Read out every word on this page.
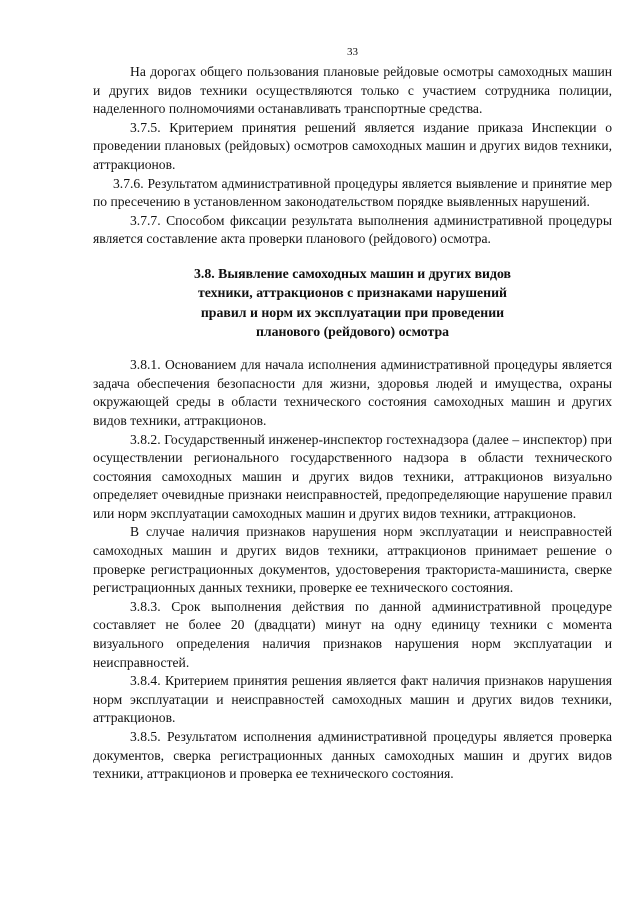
33

На дорогах общего пользования плановые рейдовые осмотры самоходных машин и других видов техники осуществляются только с участием сотрудника полиции, наделенного полномочиями останавливать транспортные средства.

3.7.5. Критерием принятия решений является издание приказа Инспекции о проведении плановых (рейдовых) осмотров самоходных машин и других видов техники, аттракционов.

3.7.6. Результатом административной процедуры является выявление и принятие мер по пресечению в установленном законодательством порядке выявленных нарушений.

3.7.7. Способом фиксации результата выполнения административной процедуры является составление акта проверки планового (рейдового) осмотра.

3.8. Выявление самоходных машин и других видов
техники, аттракционов с признаками нарушений
правил и норм их эксплуатации при проведении
планового (рейдового) осмотра

3.8.1. Основанием для начала исполнения административной процедуры является задача обеспечения безопасности для жизни, здоровья людей и имущества, охраны окружающей среды в области технического состояния самоходных машин и других видов техники, аттракционов.

3.8.2. Государственный инженер-инспектор гостехнадзора (далее – инспектор) при осуществлении регионального государственного надзора в области технического состояния самоходных машин и других видов техники, аттракционов визуально определяет очевидные признаки неисправностей, предопределяющие нарушение правил или норм эксплуатации самоходных машин и других видов техники, аттракционов.

В случае наличия признаков нарушения норм эксплуатации и неисправностей самоходных машин и других видов техники, аттракционов принимает решение о проверке регистрационных документов, удостоверения тракториста-машиниста, сверке регистрационных данных техники, проверке ее технического состояния.

3.8.3. Срок выполнения действия по данной административной процедуре составляет не более 20 (двадцати) минут на одну единицу техники с момента визуального определения наличия признаков нарушения норм эксплуатации и неисправностей.

3.8.4. Критерием принятия решения является факт наличия признаков нарушения норм эксплуатации и неисправностей самоходных машин и других видов техники, аттракционов.

3.8.5. Результатом исполнения административной процедуры является проверка документов, сверка регистрационных данных самоходных машин и других видов техники, аттракционов и проверка ее технического состояния.
